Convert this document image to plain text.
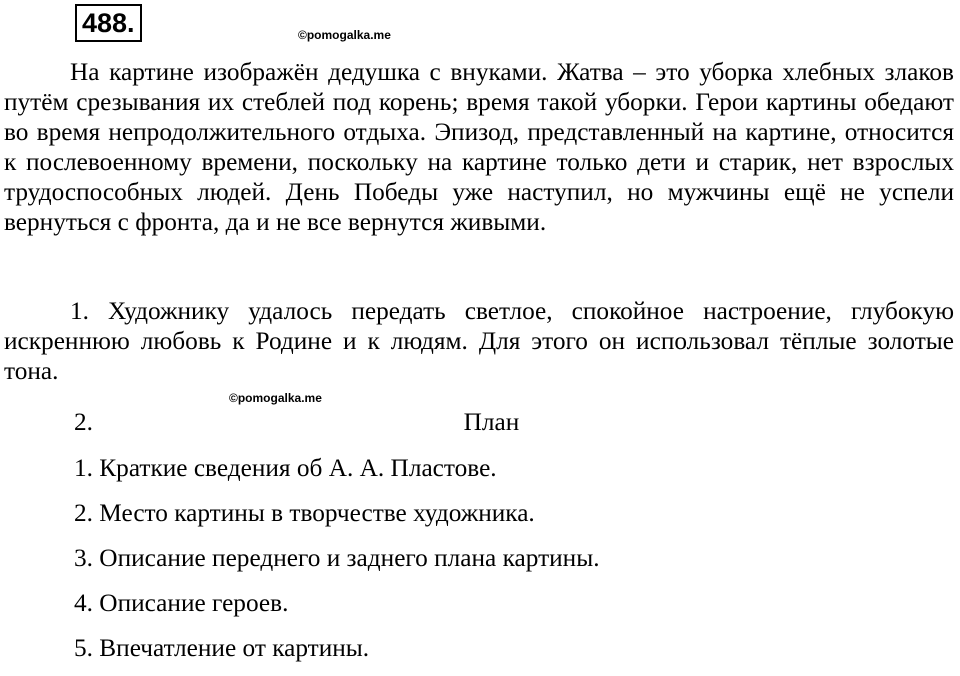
488.	©pomogalka.me

На картине изображён дедушка с внуками. Жатва – это уборка хлебных злаков путём срезывания их стеблей под корень; время такой уборки. Герои картины обедают во время непродолжительного отдыха. Эпизод, представленный на картине, относится к послевоенному времени, поскольку на картине только дети и старик, нет взрослых трудоспособных людей. День Победы уже наступил, но мужчины ещё не успели вернуться с фронта, да и не все вернутся живыми.

1. Художнику удалось передать светлое, спокойное настроение, глубокую искреннюю любовь к Родине и к людям. Для этого он использовал тёплые золотые тона.

©pomogalka.me
План
2.
1. Краткие сведения об А. А. Пластове.
2. Место картины в творчестве художника.
3. Описание переднего и заднего плана картины.
4. Описание героев.
5. Впечатление от картины.
